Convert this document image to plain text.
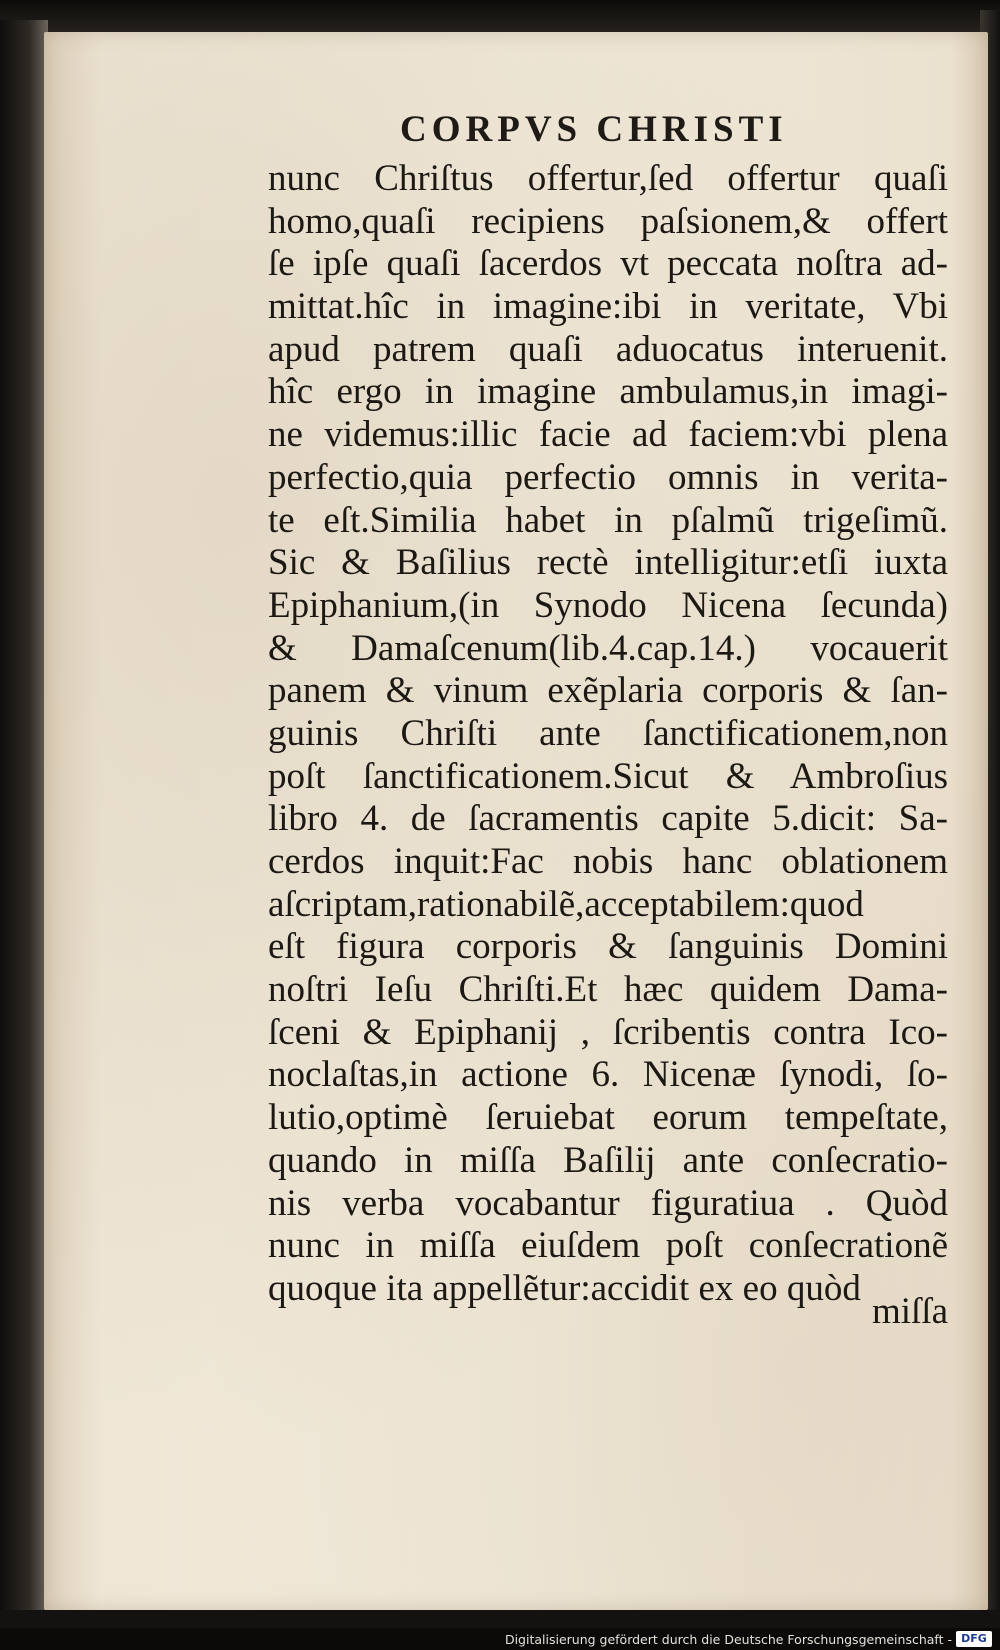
CORPVS CHRISTI
nunc Chriſtus offertur,ſed offertur quaſi
homo,quaſi recipiens paſsionem,& offert
ſe ipſe quaſi ſacerdos vt peccata noſtra ad-
mittat.hîc in imagine:ibi in veritate, Vbi
apud patrem quaſi aduocatus interuenit.
hîc ergo in imagine ambulamus,in imagi-
ne videmus:illic facie ad faciem:vbi plena
perfectio,quia perfectio omnis in verita-
te eſt.Similia habet in pſalmũ trigeſimũ.
Sic & Baſilius rectè intelligitur:etſi iuxta
Epiphanium,(in Synodo Nicena ſecunda)
& Damaſcenum(lib.4.cap.14.) vocauerit
panem & vinum exẽplaria corporis & ſan-
guinis Chriſti ante ſanctificationem,non
poſt ſanctificationem.Sicut & Ambroſius
libro 4. de ſacramentis capite 5.dicit: Sa-
cerdos inquit:Fac nobis hanc oblationem
aſcriptam,rationabilẽ,acceptabilem:quod
eſt figura corporis & ſanguinis Domini
noſtri Ieſu Chriſti.Et hæc quidem Dama-
ſceni & Epiphanij , ſcribentis contra Ico-
noclaſtas,in actione 6. Nicenæ ſynodi, ſo-
lutio,optimè ſeruiebat eorum tempeſtate,
quando in miſſa Baſilij ante conſecratio-
nis verba vocabantur figuratiua . Quòd
nunc in miſſa eiuſdem poſt conſecrationẽ
quoque ita appellẽtur:accidit ex eo quòd
miſſa
Digitalisierung gefördert durch die Deutsche Forschungsgemeinschaft - DFG
